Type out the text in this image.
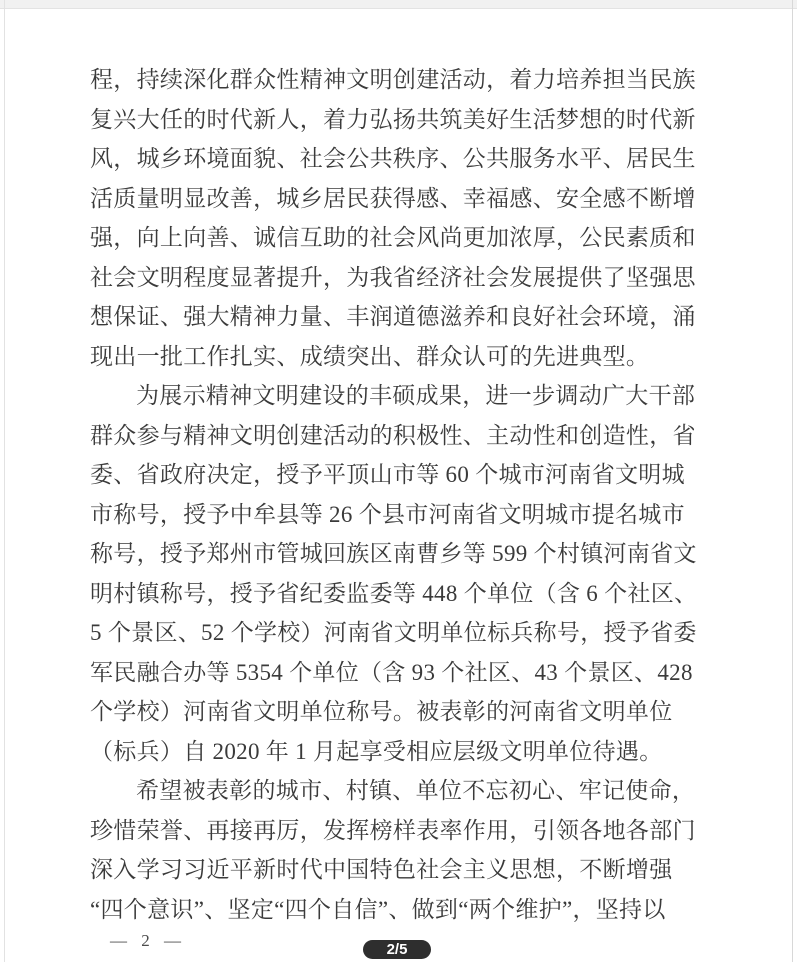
程，持续深化群众性精神文明创建活动，着力培养担当民族
复兴大任的时代新人，着力弘扬共筑美好生活梦想的时代新
风，城乡环境面貌、社会公共秩序、公共服务水平、居民生
活质量明显改善，城乡居民获得感、幸福感、安全感不断增
强，向上向善、诚信互助的社会风尚更加浓厚，公民素质和
社会文明程度显著提升，为我省经济社会发展提供了坚强思
想保证、强大精神力量、丰润道德滋养和良好社会环境，涌
现出一批工作扎实、成绩突出、群众认可的先进典型。
为展示精神文明建设的丰硕成果，进一步调动广大干部
群众参与精神文明创建活动的积极性、主动性和创造性，省
委、省政府决定，授予平顶山市等 60 个城市河南省文明城
市称号，授予中牟县等 26 个县市河南省文明城市提名城市
称号，授予郑州市管城回族区南曹乡等 599 个村镇河南省文
明村镇称号，授予省纪委监委等 448 个单位（含 6 个社区、
5 个景区、52 个学校）河南省文明单位标兵称号，授予省委
军民融合办等 5354 个单位（含 93 个社区、43 个景区、428
个学校）河南省文明单位称号。被表彰的河南省文明单位
（标兵）自 2020 年 1 月起享受相应层级文明单位待遇。
希望被表彰的城市、村镇、单位不忘初心、牢记使命，
珍惜荣誉、再接再厉，发挥榜样表率作用，引领各地各部门
深入学习习近平新时代中国特色社会主义思想，不断增强
“四个意识”、坚定“四个自信”、做到“两个维护”，坚持以
— 2 —	2/5
